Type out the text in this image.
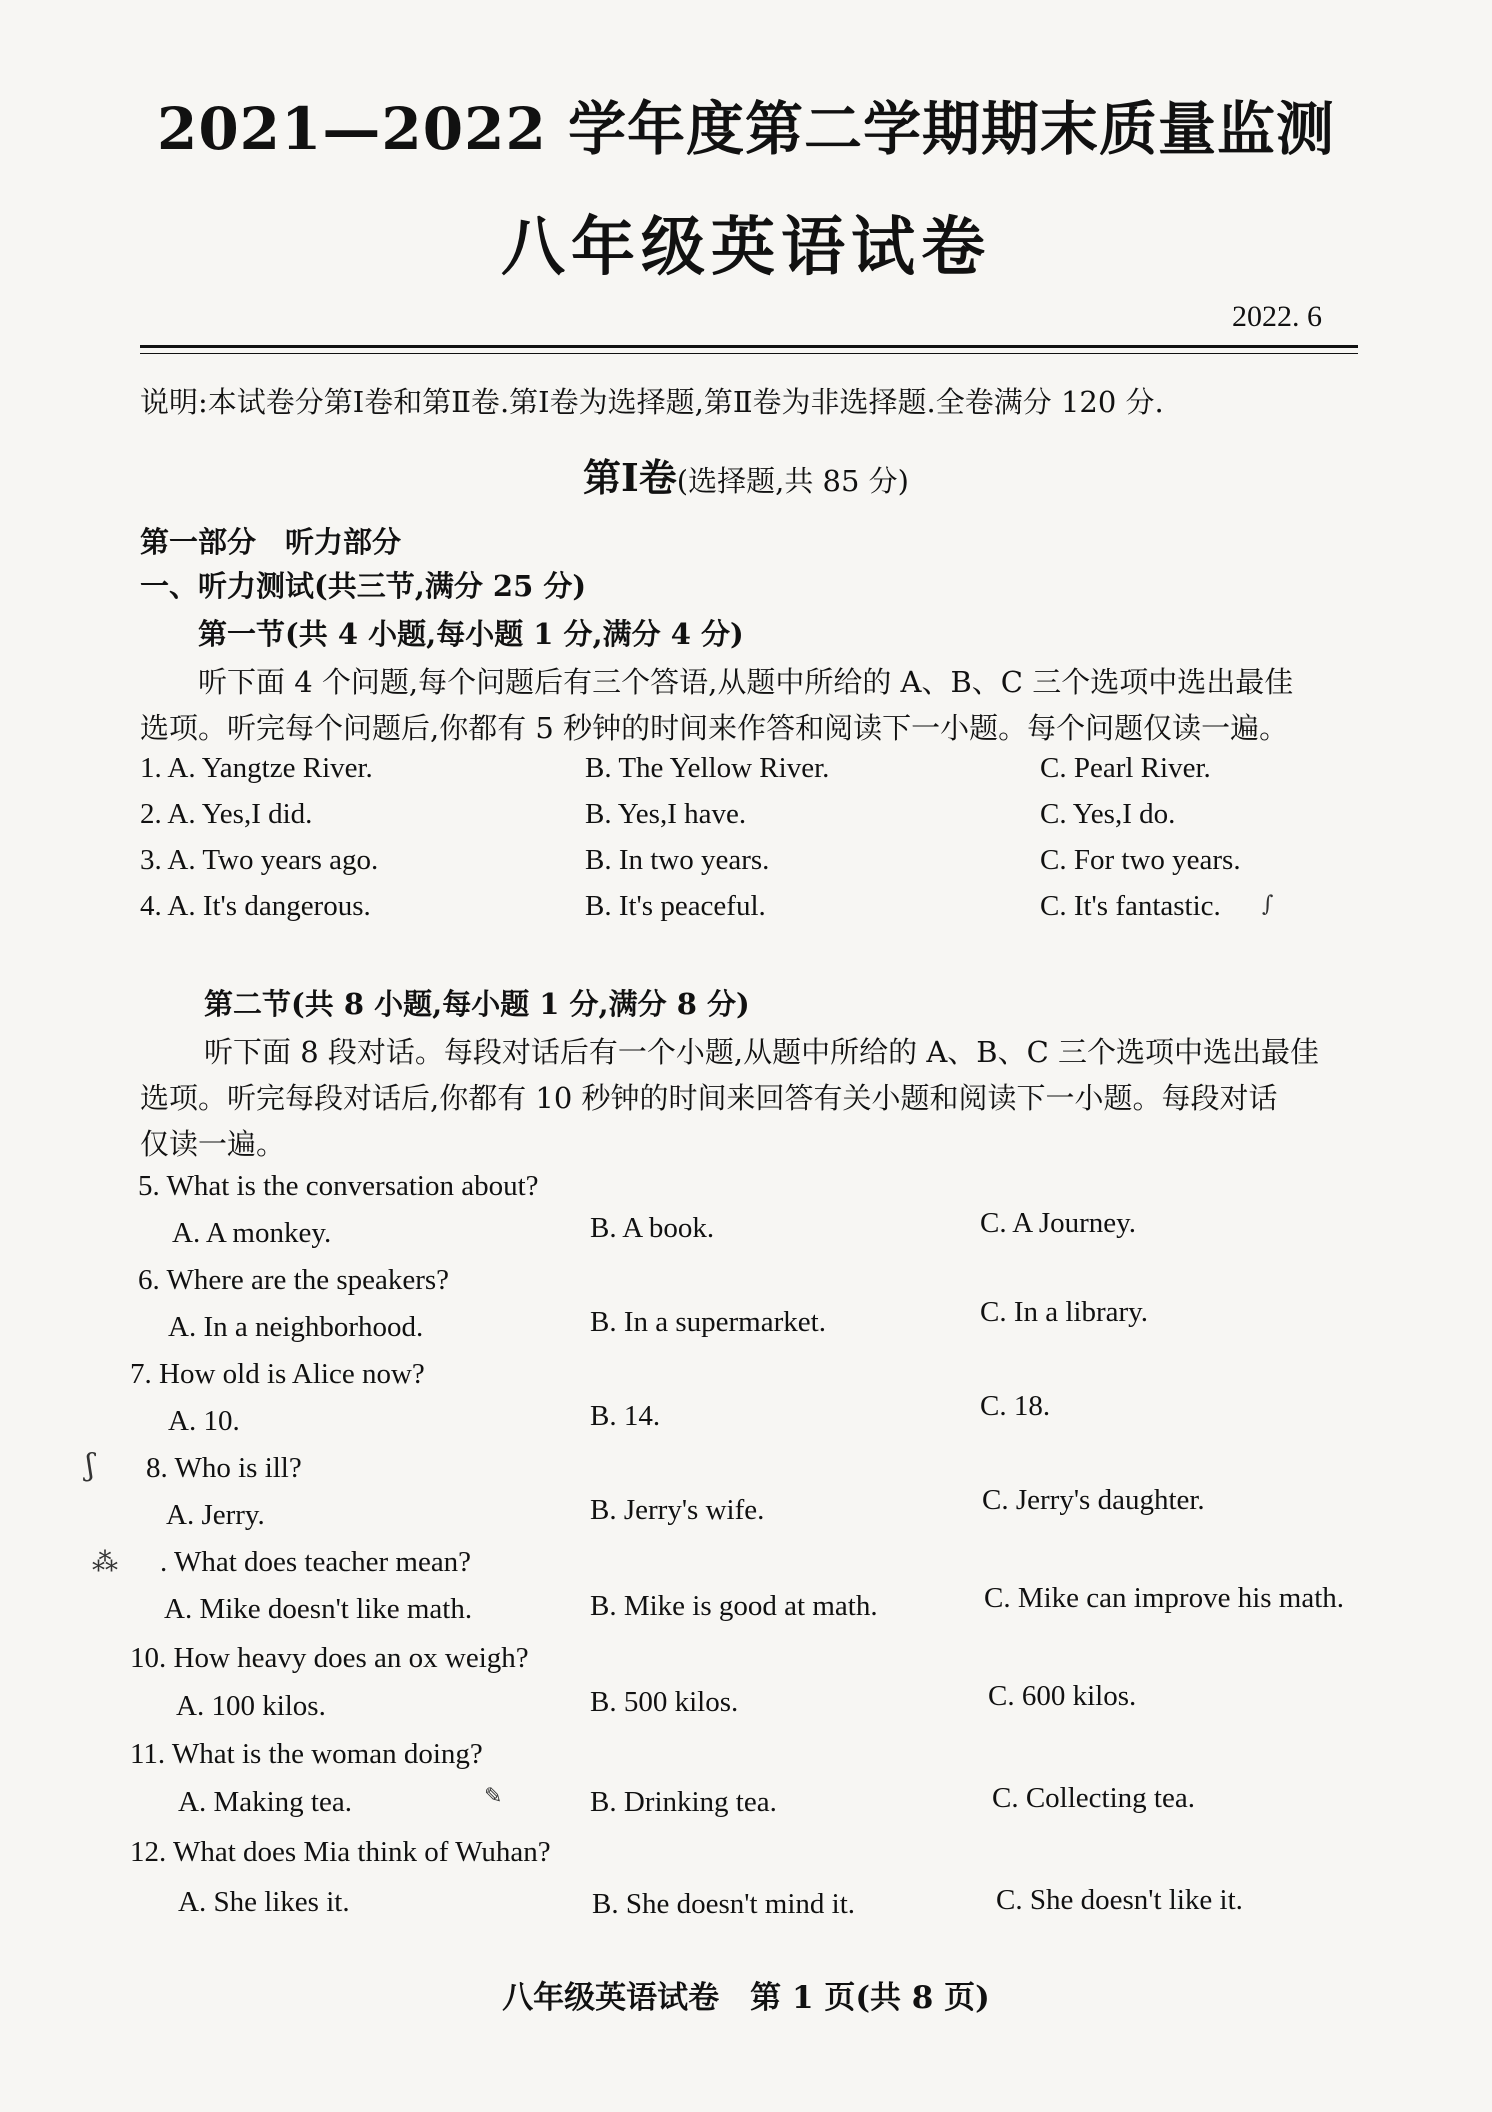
2021—2022 学年度第二学期期末质量监测
八年级英语试卷
2022. 6
说明:本试卷分第Ⅰ卷和第Ⅱ卷.第Ⅰ卷为选择题,第Ⅱ卷为非选择题.全卷满分 120 分.
第Ⅰ卷(选择题,共 85 分)
第一部分　听力部分
一、听力测试(共三节,满分 25 分)
第一节(共 4 小题,每小题 1 分,满分 4 分)
听下面 4 个问题,每个问题后有三个答语,从题中所给的 A、B、C 三个选项中选出最佳
选项。听完每个问题后,你都有 5 秒钟的时间来作答和阅读下一小题。每个问题仅读一遍。
1. A. Yangtze River.	B. The Yellow River.	C. Pearl River.
2. A. Yes,I did.	B. Yes,I have.	C. Yes,I do.
3. A. Two years ago.	B. In two years.	C. For two years.
4. A. It's dangerous.	B. It's peaceful.	C. It's fantastic.
第二节(共 8 小题,每小题 1 分,满分 8 分)
听下面 8 段对话。每段对话后有一个小题,从题中所给的 A、B、C 三个选项中选出最佳
选项。听完每段对话后,你都有 10 秒钟的时间来回答有关小题和阅读下一小题。每段对话
仅读一遍。
5. What is the conversation about?
A. A monkey.	B. A book.	C. A Journey.
6. Where are the speakers?
A. In a neighborhood.	B. In a supermarket.	C. In a library.
7. How old is Alice now?
A. 10.	B. 14.	C. 18.
8. Who is ill?
A. Jerry.	B. Jerry's wife.	C. Jerry's daughter.
. What does teacher mean?
A. Mike doesn't like math.	B. Mike is good at math.	C. Mike can improve his math.
10. How heavy does an ox weigh?
A. 100 kilos.	B. 500 kilos.	C. 600 kilos.
11. What is the woman doing?
A. Making tea.	B. Drinking tea.	C. Collecting tea.
12. What does Mia think of Wuhan?
A. She likes it.	B. She doesn't mind it.	C. She doesn't like it.
ʃ
⁂
✎
∫
八年级英语试卷　第 1 页(共 8 页)
